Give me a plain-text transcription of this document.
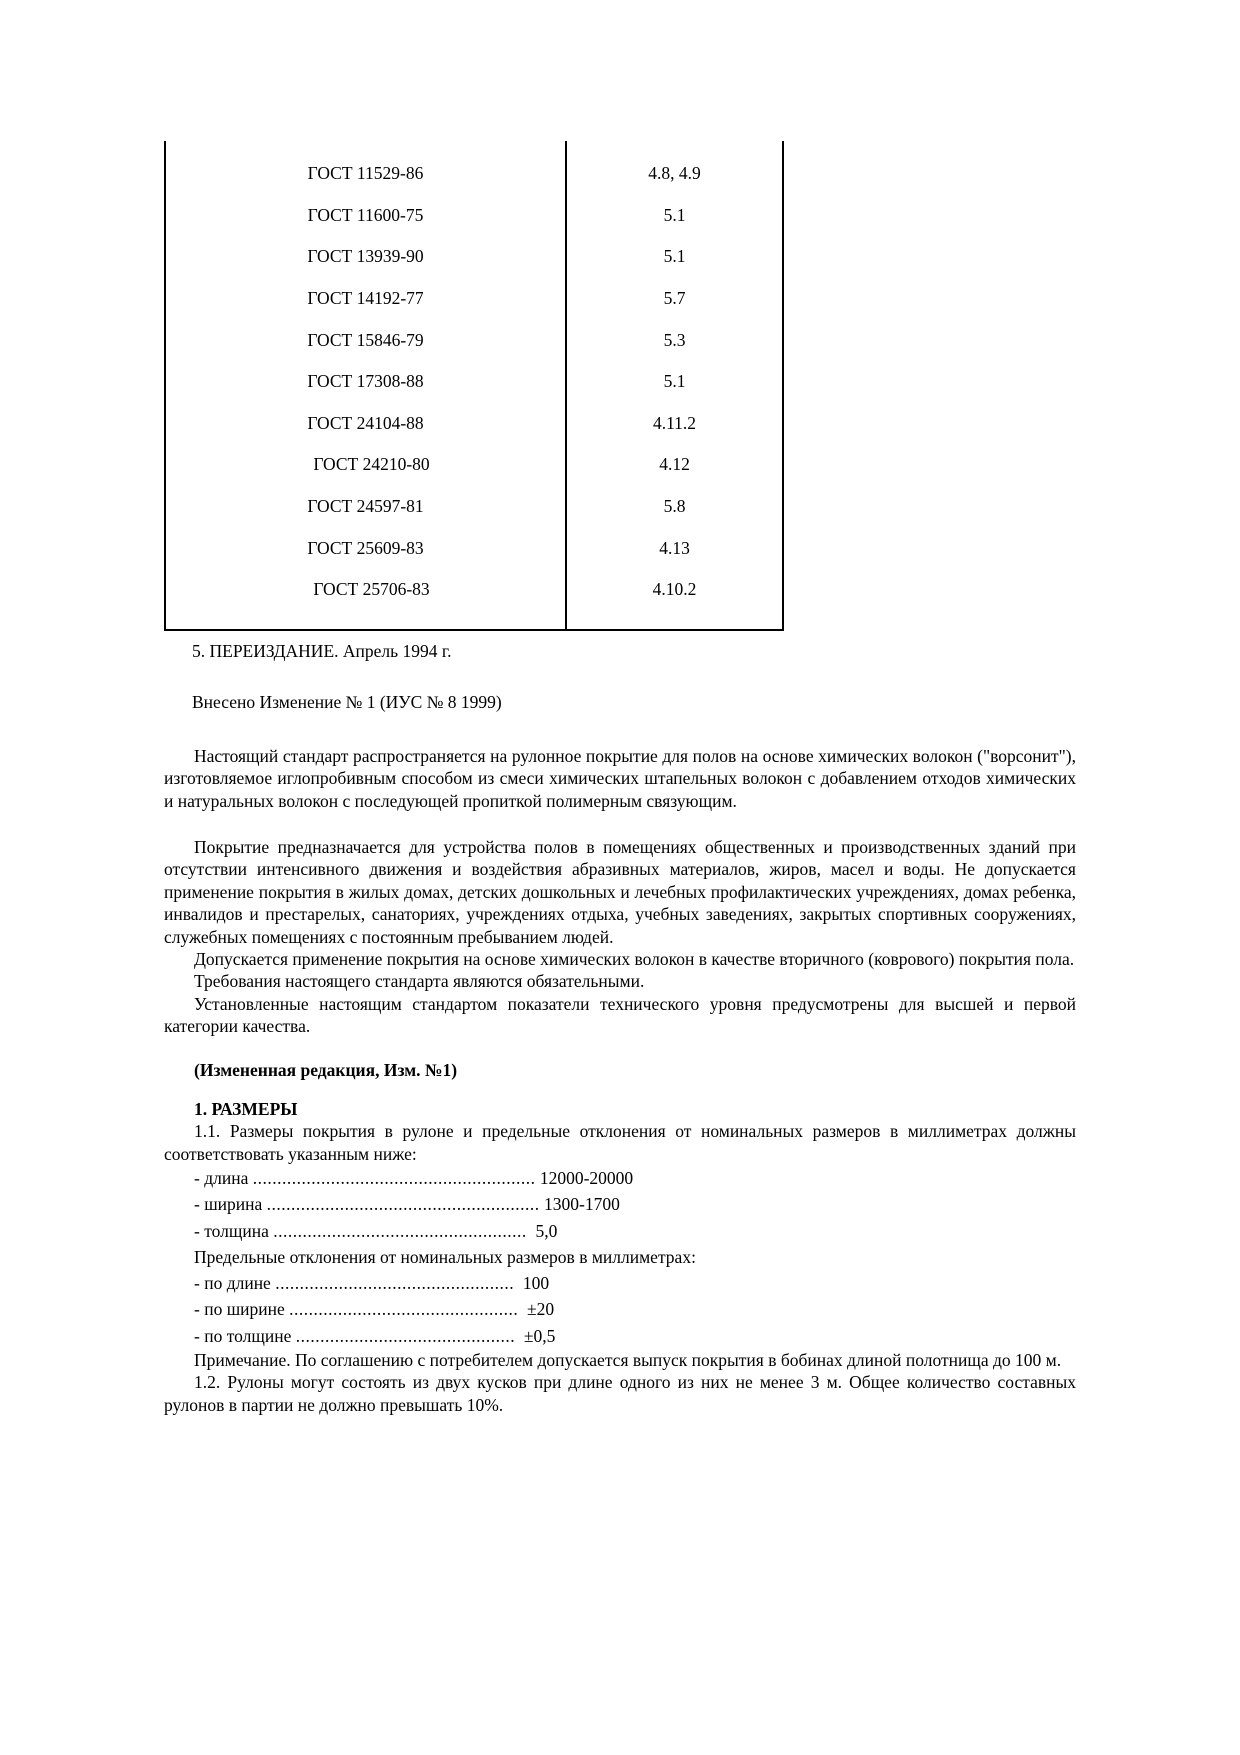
ГОСТ 11529-86	4.8, 4.9
ГОСТ 11600-75	5.1
ГОСТ 13939-90	5.1
ГОСТ 14192-77	5.7
ГОСТ 15846-79	5.3
ГОСТ 17308-88	5.1
ГОСТ 24104-88	4.11.2
ГОСТ 24210-80	4.12
ГОСТ 24597-81	5.8
ГОСТ 25609-83	4.13
ГОСТ 25706-83	4.10.2

5. ПЕРЕИЗДАНИЕ. Апрель 1994 г.

Внесено Изменение № 1 (ИУС № 8 1999)

Настоящий стандарт распространяется на рулонное покрытие для полов на основе химических волокон ("ворсонит"), изготовляемое иглопробивным способом из смеси химических штапельных волокон с добавлением отходов химических и натуральных волокон с последующей пропиткой полимерным связующим.

Покрытие предназначается для устройства полов в помещениях общественных и производственных зданий при отсутствии интенсивного движения и воздействия абразивных материалов, жиров, масел и воды. Не допускается применение покрытия в жилых домах, детских дошкольных и лечебных профилактических учреждениях, домах ребенка, инвалидов и престарелых, санаториях, учреждениях отдыха, учебных заведениях, закрытых спортивных сооружениях, служебных помещениях с постоянным пребыванием людей.

Допускается применение покрытия на основе химических волокон в качестве вторичного (коврового) покрытия пола.

Требования настоящего стандарта являются обязательными.

Установленные настоящим стандартом показатели технического уровня предусмотрены для высшей и первой категории качества.

(Измененная редакция, Изм. №1)

1. РАЗМЕРЫ

1.1. Размеры покрытия в рулоне и предельные отклонения от номинальных размеров в миллиметрах должны соответствовать указанным ниже:

- длина .......................................................... 12000-20000
- ширина ........................................................ 1300-1700
- толщина .................................................... 5,0

Предельные отклонения от номинальных размеров в миллиметрах:

- по длине ................................................. 100
- по ширине ............................................... ±20
- по толщине ............................................. ±0,5

Примечание. По соглашению с потребителем допускается выпуск покрытия в бобинах длиной полотнища до 100 м.

1.2. Рулоны могут состоять из двух кусков при длине одного из них не менее 3 м. Общее количество составных рулонов в партии не должно превышать 10%.
